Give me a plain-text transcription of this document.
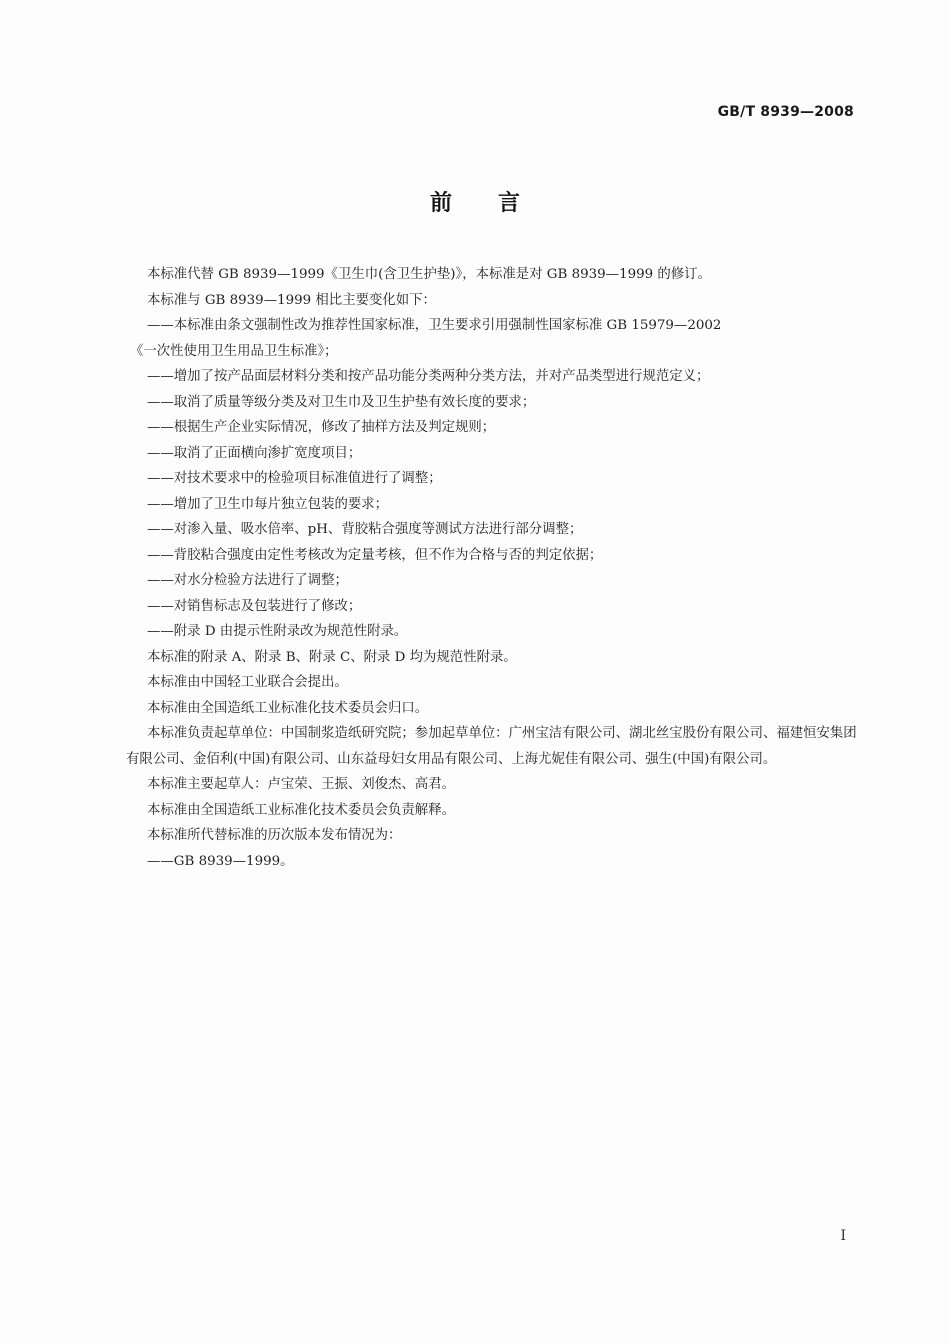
GB/T 8939—2008
前言

本标准代替 GB 8939—1999《卫生巾(含卫生护垫)》，本标准是对 GB 8939—1999 的修订。

本标准与 GB 8939—1999 相比主要变化如下：

——本标准由条文强制性改为推荐性国家标准，卫生要求引用强制性国家标准 GB 15979—2002

《一次性使用卫生用品卫生标准》；

——增加了按产品面层材料分类和按产品功能分类两种分类方法，并对产品类型进行规范定义；

——取消了质量等级分类及对卫生巾及卫生护垫有效长度的要求；

——根据生产企业实际情况，修改了抽样方法及判定规则；

——取消了正面横向渗扩宽度项目；

——对技术要求中的检验项目标准值进行了调整；

——增加了卫生巾每片独立包装的要求；

——对渗入量、吸水倍率、pH、背胶粘合强度等测试方法进行部分调整；

——背胶粘合强度由定性考核改为定量考核，但不作为合格与否的判定依据；

——对水分检验方法进行了调整；

——对销售标志及包装进行了修改；

——附录 D 由提示性附录改为规范性附录。

本标准的附录 A、附录 B、附录 C、附录 D 均为规范性附录。

本标准由中国轻工业联合会提出。

本标准由全国造纸工业标准化技术委员会归口。

本标准负责起草单位：中国制浆造纸研究院；参加起草单位：广州宝洁有限公司、湖北丝宝股份有限公司、福建恒安集团有限公司、金佰利(中国)有限公司、山东益母妇女用品有限公司、上海尤妮佳有限公司、强生(中国)有限公司。

本标准主要起草人：卢宝荣、王振、刘俊杰、高君。

本标准由全国造纸工业标准化技术委员会负责解释。

本标准所代替标准的历次版本发布情况为：

——GB 8939—1999。

I
